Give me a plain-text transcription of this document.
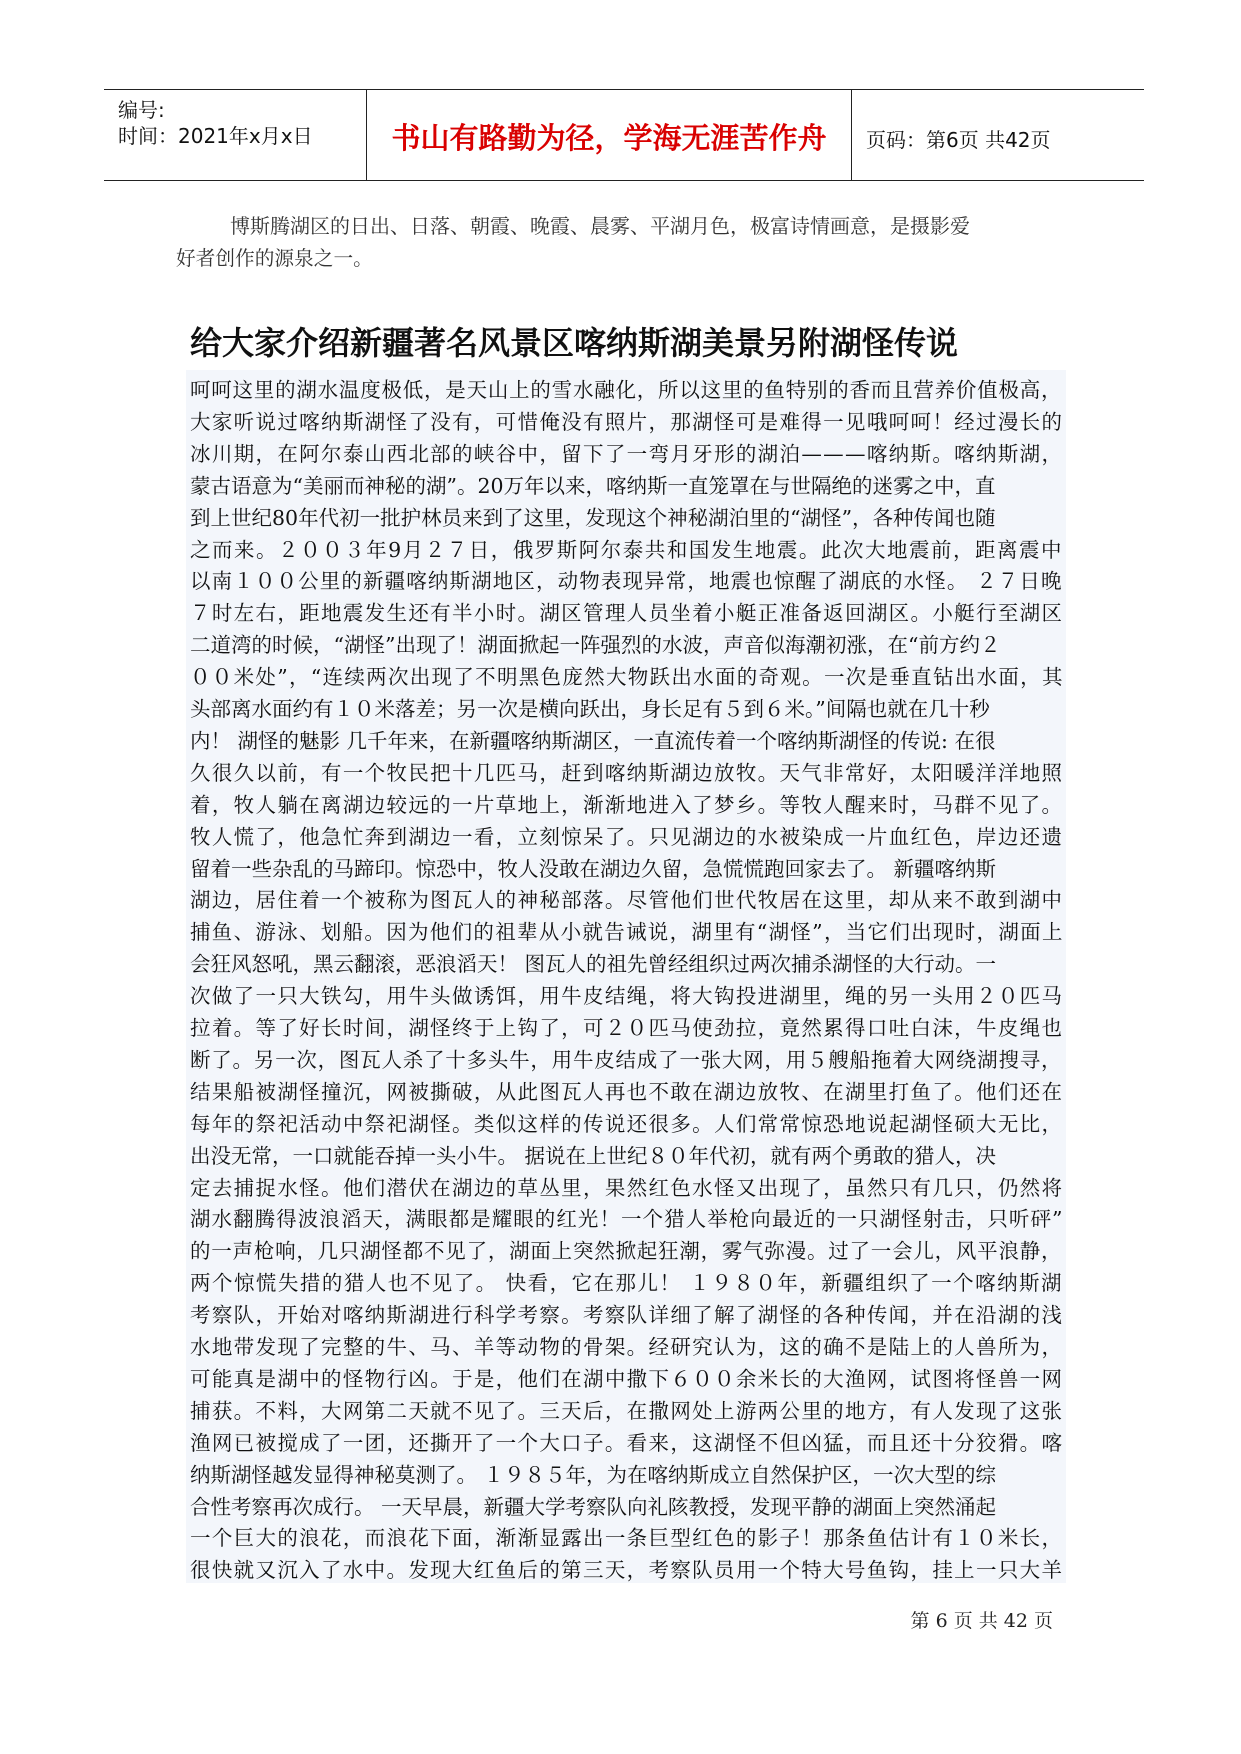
编号:
时间：2021年x月x日	书山有路勤为径，学海无涯苦作舟	页码：第6页 共42页
博斯腾湖区的日出、日落、朝霞、晚霞、晨雾、平湖月色，极富诗情画意，是摄影爱
好者创作的源泉之一。
给大家介绍新疆著名风景区喀纳斯湖美景另附湖怪传说
呵呵这里的湖水温度极低，是天山上的雪水融化，所以这里的鱼特别的香而且营养价值极高，
大家听说过喀纳斯湖怪了没有，可惜俺没有照片，那湖怪可是难得一见哦呵呵！经过漫长的
冰川期，在阿尔泰山西北部的峡谷中，留下了一弯月牙形的湖泊———喀纳斯。喀纳斯湖，
蒙古语意为“美丽而神秘的湖”。20万年以来，喀纳斯一直笼罩在与世隔绝的迷雾之中，直
到上世纪80年代初一批护林员来到了这里，发现这个神秘湖泊里的“湖怪”，各种传闻也随
之而来。２００３年9月２７日，俄罗斯阿尔泰共和国发生地震。此次大地震前，距离震中
以南１００公里的新疆喀纳斯湖地区，动物表现异常，地震也惊醒了湖底的水怪。 ２７日晚
７时左右，距地震发生还有半小时。湖区管理人员坐着小艇正准备返回湖区。小艇行至湖区
二道湾的时候，“湖怪”出现了！湖面掀起一阵强烈的水波，声音似海潮初涨，在“前方约２
００米处”，“连续两次出现了不明黑色庞然大物跃出水面的奇观。一次是垂直钻出水面，其
头部离水面约有１０米落差；另一次是横向跃出，身长足有５到６米。”间隔也就在几十秒
内！ 湖怪的魅影 几千年来，在新疆喀纳斯湖区，一直流传着一个喀纳斯湖怪的传说: 在很
久很久以前，有一个牧民把十几匹马，赶到喀纳斯湖边放牧。天气非常好，太阳暖洋洋地照
着，牧人躺在离湖边较远的一片草地上，渐渐地进入了梦乡。等牧人醒来时，马群不见了。
牧人慌了，他急忙奔到湖边一看，立刻惊呆了。只见湖边的水被染成一片血红色，岸边还遗
留着一些杂乱的马蹄印。惊恐中，牧人没敢在湖边久留，急慌慌跑回家去了。 新疆喀纳斯
湖边，居住着一个被称为图瓦人的神秘部落。尽管他们世代牧居在这里，却从来不敢到湖中
捕鱼、游泳、划船。因为他们的祖辈从小就告诫说，湖里有“湖怪”，当它们出现时，湖面上
会狂风怒吼，黑云翻滚，恶浪滔天！ 图瓦人的祖先曾经组织过两次捕杀湖怪的大行动。一
次做了一只大铁勾，用牛头做诱饵，用牛皮结绳，将大钩投进湖里，绳的另一头用２０匹马
拉着。等了好长时间，湖怪终于上钩了，可２０匹马使劲拉，竟然累得口吐白沫，牛皮绳也
断了。另一次，图瓦人杀了十多头牛，用牛皮结成了一张大网，用５艘船拖着大网绕湖搜寻，
结果船被湖怪撞沉，网被撕破，从此图瓦人再也不敢在湖边放牧、在湖里打鱼了。他们还在
每年的祭祀活动中祭祀湖怪。类似这样的传说还很多。人们常常惊恐地说起湖怪硕大无比，
出没无常，一口就能吞掉一头小牛。 据说在上世纪８０年代初，就有两个勇敢的猎人，决
定去捕捉水怪。他们潜伏在湖边的草丛里，果然红色水怪又出现了，虽然只有几只，仍然将
湖水翻腾得波浪滔天，满眼都是耀眼的红光！一个猎人举枪向最近的一只湖怪射击，只听砰”
的一声枪响，几只湖怪都不见了，湖面上突然掀起狂潮，雾气弥漫。过了一会儿，风平浪静，
两个惊慌失措的猎人也不见了。 快看，它在那儿！ １９８０年，新疆组织了一个喀纳斯湖
考察队，开始对喀纳斯湖进行科学考察。考察队详细了解了湖怪的各种传闻，并在沿湖的浅
水地带发现了完整的牛、马、羊等动物的骨架。经研究认为，这的确不是陆上的人兽所为，
可能真是湖中的怪物行凶。于是，他们在湖中撒下６００余米长的大渔网，试图将怪兽一网
捕获。不料，大网第二天就不见了。三天后，在撒网处上游两公里的地方，有人发现了这张
渔网已被搅成了一团，还撕开了一个大口子。看来，这湖怪不但凶猛，而且还十分狡猾。喀
纳斯湖怪越发显得神秘莫测了。 １９８５年，为在喀纳斯成立自然保护区，一次大型的综
合性考察再次成行。 一天早晨，新疆大学考察队向礼陔教授，发现平静的湖面上突然涌起
一个巨大的浪花，而浪花下面，渐渐显露出一条巨型红色的影子！那条鱼估计有１０米长，
很快就又沉入了水中。发现大红鱼后的第三天，考察队员用一个特大号鱼钩，挂上一只大羊
第 6 页 共 42 页
